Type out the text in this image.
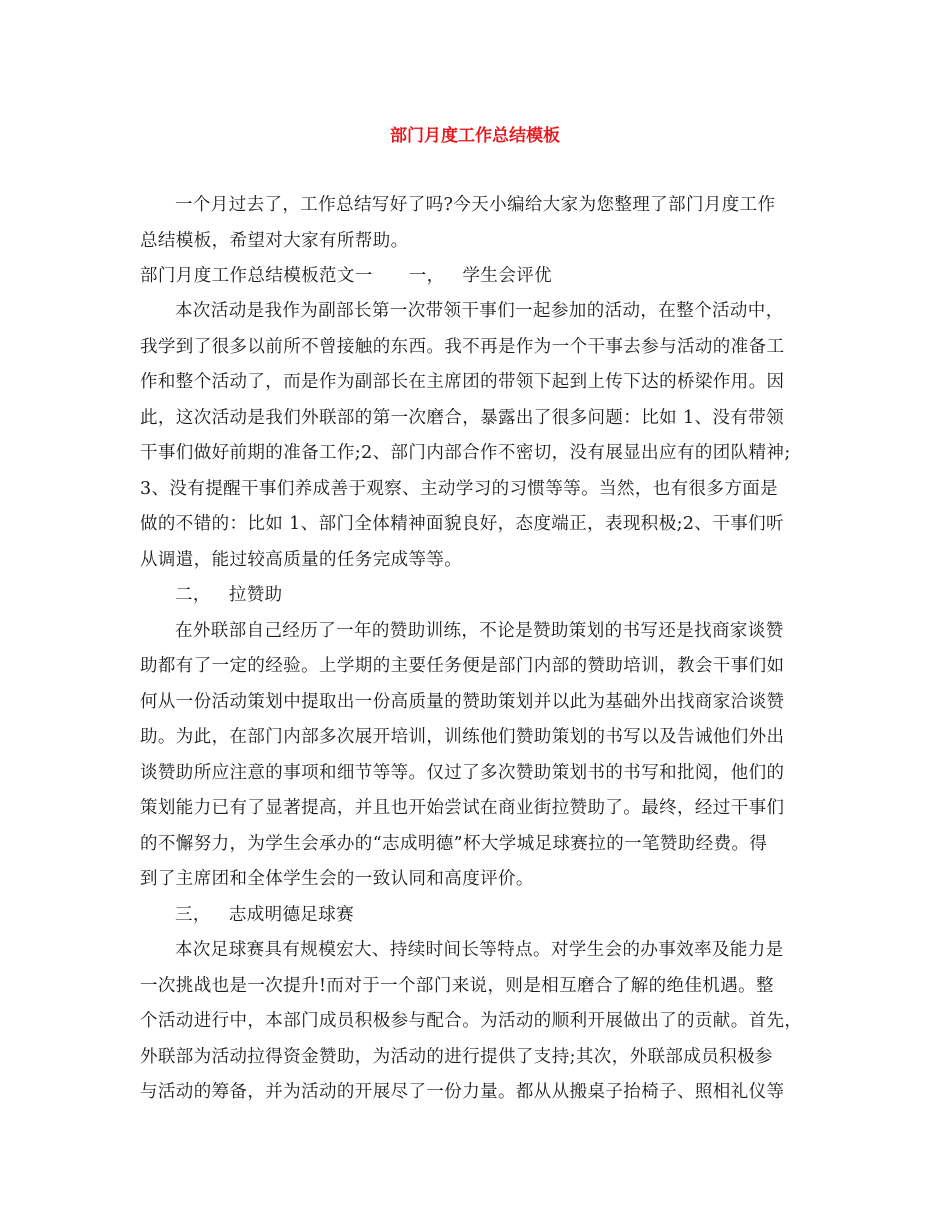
部门月度工作总结模板
一个月过去了，工作总结写好了吗?今天小编给大家为您整理了部门月度工作
总结模板，希望对大家有所帮助。
部门月度工作总结模板范文一 一， 学生会评优
本次活动是我作为副部长第一次带领干事们一起参加的活动，在整个活动中，
我学到了很多以前所不曾接触的东西。我不再是作为一个干事去参与活动的准备工
作和整个活动了，而是作为副部长在主席团的带领下起到上传下达的桥梁作用。因
此，这次活动是我们外联部的第一次磨合，暴露出了很多问题：比如 1、没有带领
干事们做好前期的准备工作;2、部门内部合作不密切，没有展显出应有的团队精神;
3、没有提醒干事们养成善于观察、主动学习的习惯等等。当然，也有很多方面是
做的不错的：比如 1、部门全体精神面貌良好，态度端正，表现积极;2、干事们听
从调遣，能过较高质量的任务完成等等。
二， 拉赞助
在外联部自己经历了一年的赞助训练，不论是赞助策划的书写还是找商家谈赞
助都有了一定的经验。上学期的主要任务便是部门内部的赞助培训，教会干事们如
何从一份活动策划中提取出一份高质量的赞助策划并以此为基础外出找商家洽谈赞
助。为此，在部门内部多次展开培训，训练他们赞助策划的书写以及告诫他们外出
谈赞助所应注意的事项和细节等等。仅过了多次赞助策划书的书写和批阅，他们的
策划能力已有了显著提高，并且也开始尝试在商业街拉赞助了。最终，经过干事们
的不懈努力，为学生会承办的“志成明德”杯大学城足球赛拉的一笔赞助经费。得
到了主席团和全体学生会的一致认同和高度评价。
三， 志成明德足球赛
本次足球赛具有规模宏大、持续时间长等特点。对学生会的办事效率及能力是
一次挑战也是一次提升!而对于一个部门来说，则是相互磨合了解的绝佳机遇。整
个活动进行中，本部门成员积极参与配合。为活动的顺利开展做出了的贡献。首先，
外联部为活动拉得资金赞助，为活动的进行提供了支持;其次，外联部成员积极参
与活动的筹备，并为活动的开展尽了一份力量。都从从搬桌子抬椅子、照相礼仪等
